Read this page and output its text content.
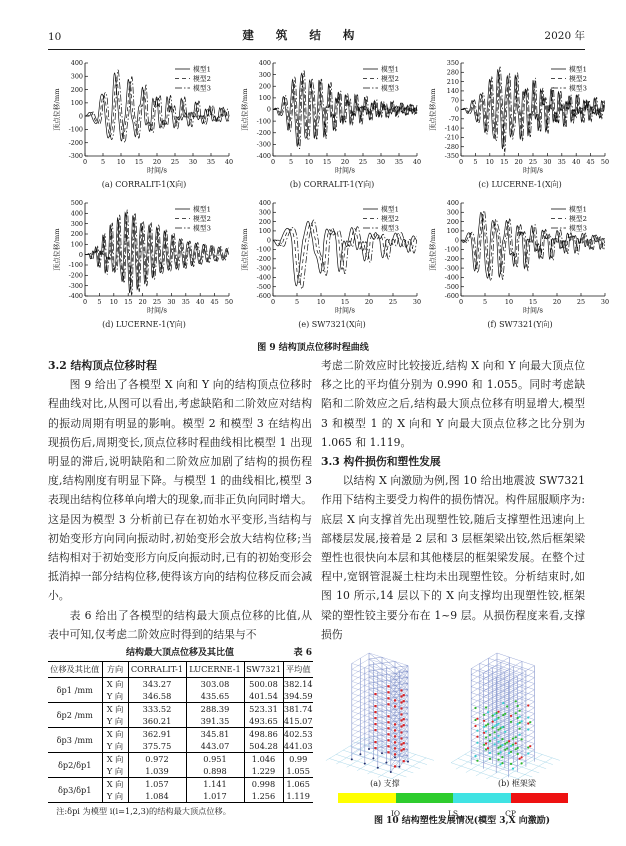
10	建 筑 结 构	2020 年
-300
-200
-100
0
100
200
300
400
0 5 10 15 20 25 30 35 40
顶点位移/mm
时间/s
模型1
模型2
模型3
(a) CORRALIT-1(X向)
-400
-300
-200
-100
0
100
200
300
400
0 5 10 15 20 25 30 35 40
顶点位移/mm
时间/s
模型1
模型2
模型3
(b) CORRALIT-1(Y向)
-350
-280
-210
-140
-70
0
70
140
210
280
350
0 5 10 15 20 25 30 35 40 45 50
顶点位移/mm
时间/s
模型1
模型2
模型3
(c) LUCERNE-1(X向)
-400
-300
-200
-100
0
100
200
300
400
500
0 5 10 15 20 25 30 35 40 45 50
顶点位移/mm
时间/s
模型1
模型2
模型3
(d) LUCERNE-1(Y向)
-600
-500
-400
-300
-200
-100
0
100
200
300
400
0	5	10 15 20 25 30
顶点位移/mm
时间/s
模型1
模型2
模型3
(e) SW7321(X向)
-600
-500
-400
-300
-200
-100
0
100
200
300
400
0	5	10 15 20 25 30
顶点位移/mm
时间/s
模型1
模型2
模型3
(f) SW7321(Y向)
图 9 结构顶点位移时程曲线
3.2 结构顶点位移时程

图 9 给出了各模型 X 向和 Y 向的结构顶点位移时程曲线对比,从图可以看出,考虑缺陷和二阶效应对结构的振动周期有明显的影响。模型 2 和模型 3 在结构出现损伤后,周期变长,顶点位移时程曲线相比模型 1 出现明显的滞后,说明缺陷和二阶效应加剧了结构的损伤程度,结构刚度有明显下降。与模型 1 的曲线相比,模型 3 表现出结构位移单向增大的现象,而非正负向同时增大。这是因为模型 3 分析前已存在初始水平变形,当结构与初始变形方向同向振动时,初始变形会放大结构位移;当结构相对于初始变形方向反向振动时,已有的初始变形会抵消掉一部分结构位移,使得该方向的结构位移反而会减小。

表 6 给出了各模型的结构最大顶点位移的比值,从表中可知,仅考虑二阶效应时得到的结果与不

结构最大顶点位移及其比值	表 6
位移及其比值	方向	CORRALIT-1	LUCERNE-1	SW7321	平均值
δp1 /mm	X 向	343.27	303.08	500.08	382.14
	Y 向	346.58	435.65	401.54	394.59
δp2 /mm	X 向	333.52	288.39	523.31	381.74
	Y 向	360.21	391.35	493.65	415.07
δp3 /mm	X 向	362.91	345.81	498.86	402.53
	Y 向	375.75	443.07	504.28	441.03
δp2/δp1	X 向	0.972	0.951	1.046	0.99
	Y 向	1.039	0.898	1.229	1.055
δp3/δp1	X 向	1.057	1.141	0.998	1.065
	Y 向	1.084	1.017	1.256	1.119
注:δpi 为模型 i(i=1,2,3)的结构最大顶点位移。

考虑二阶效应时比较接近,结构 X 向和 Y 向最大顶点位移之比的平均值分别为 0.990 和 1.055。同时考虑缺陷和二阶效应之后,结构最大顶点位移有明显增大,模型 3 和模型 1 的 X 向和 Y 向最大顶点位移之比分别为 1.065 和 1.119。

3.3 构件损伤和塑性发展

以结构 X 向激励为例,图 10 给出地震波 SW7321 作用下结构主要受力构件的损伤情况。构件屈服顺序为:底层 X 向支撑首先出现塑性铰,随后支撑塑性迅速向上部楼层发展,接着是 2 层和 3 层框架梁出铰,然后框架梁塑性也很快向本层和其他楼层的框架梁发展。在整个过程中,宽钢管混凝土柱均未出现塑性铰。分析结束时,如图 10 所示,14 层以下的 X 向支撑均出现塑性铰,框架梁的塑性铰主要分布在 1~9 层。从损伤程度来看,支撑损伤

(a) 支撑	(b) 框架梁
IO	LS	CP

图 10 结构塑性发展情况(模型 3,X 向激励)
